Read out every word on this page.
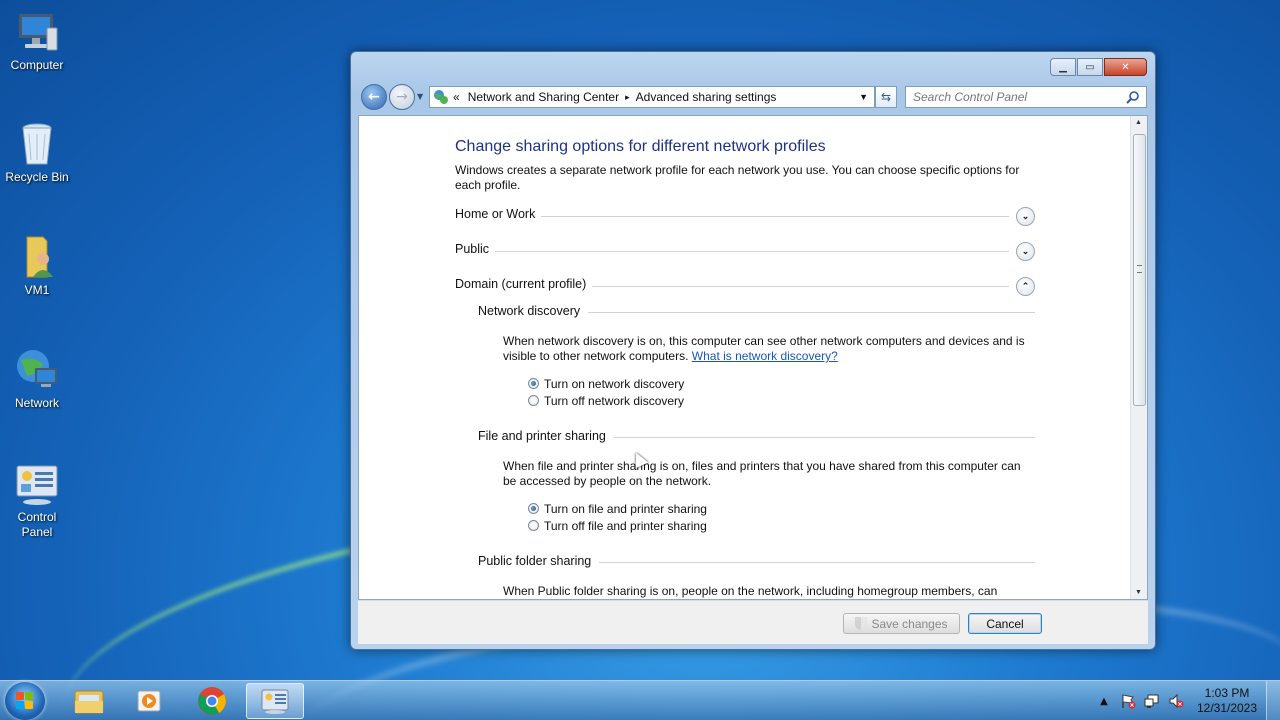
Computer
Recycle Bin
VM1
Network
Control Panel
▁	▭	✕
← → ▼ « Network and Sharing Center ▸ Advanced sharing settings	▼ ⇆ Search Control Panel
Change sharing options for different network profiles
Windows creates a separate network profile for each network you use. You can choose specific options for each profile.
Home or Work	⌄
Public	⌄
Domain (current profile)	⌃
Network discovery
When network discovery is on, this computer can see other network computers and devices and is visible to other network computers. What is network discovery?
Turn on network discovery
Turn off network discovery
File and printer sharing
When file and printer sharing is on, files and printers that you have shared from this computer can be accessed by people on the network.
Turn on file and printer sharing
Turn off file and printer sharing
Public folder sharing
When Public folder sharing is on, people on the network, including homegroup members, can
▲
▼
Save changes	Cancel
▲
1:03 PM
12/31/2023
